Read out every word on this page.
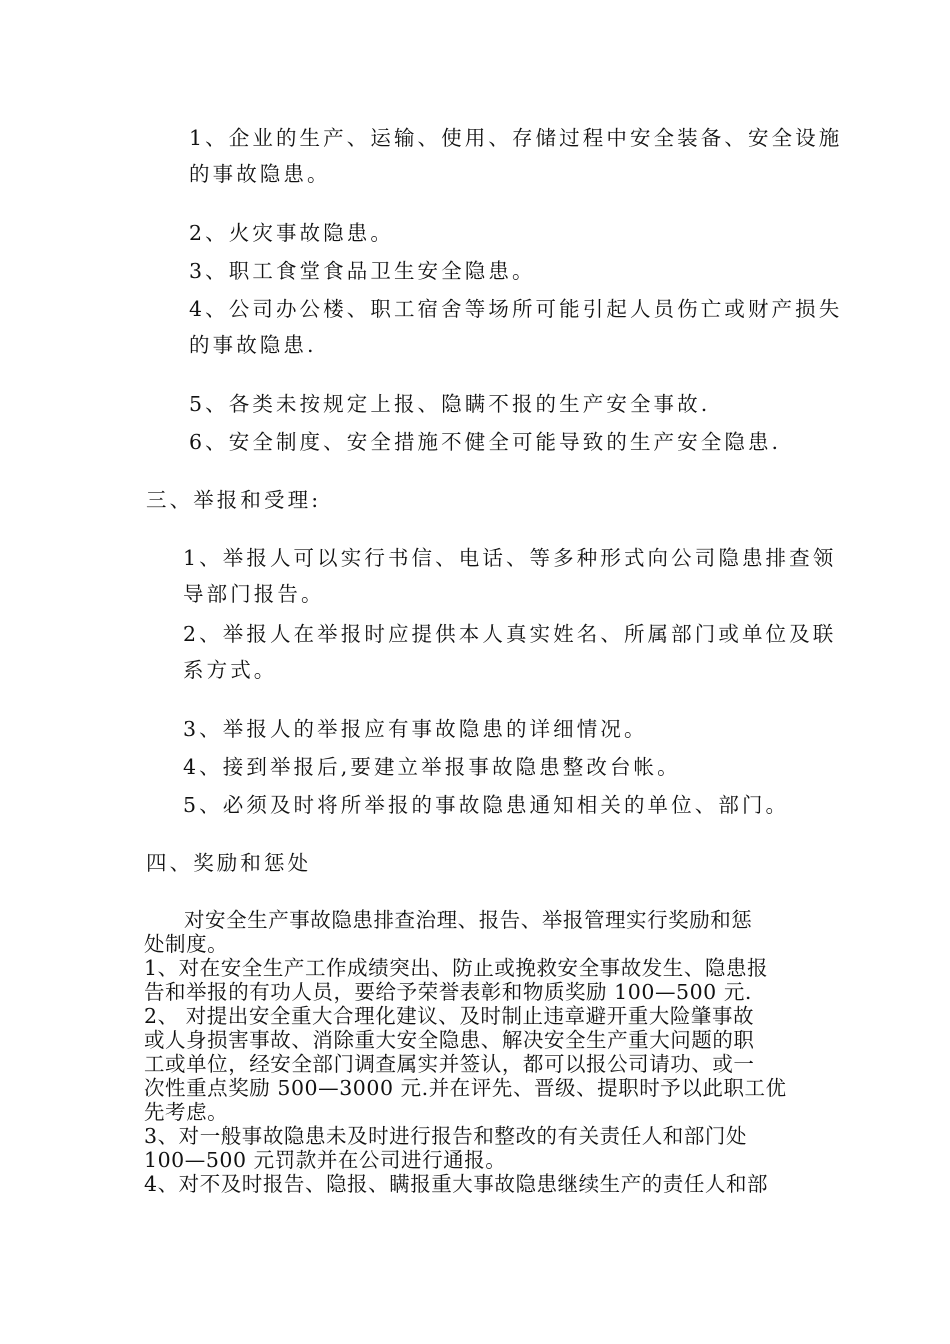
1、企业的生产、运输、使用、存储过程中安全装备、安全设施

的事故隐患。

2、火灾事故隐患。

3、职工食堂食品卫生安全隐患。

4、公司办公楼、职工宿舍等场所可能引起人员伤亡或财产损失

的事故隐患.

5、各类未按规定上报、隐瞒不报的生产安全事故.

6、安全制度、安全措施不健全可能导致的生产安全隐患.

三、举报和受理:

1、举报人可以实行书信、电话、等多种形式向公司隐患排查领

导部门报告。

2、举报人在举报时应提供本人真实姓名、所属部门或单位及联

系方式。

3、举报人的举报应有事故隐患的详细情况。

4、接到举报后,要建立举报事故隐患整改台帐。

5、必须及时将所举报的事故隐患通知相关的单位、部门。

四、奖励和惩处

对安全生产事故隐患排查治理、报告、举报管理实行奖励和惩

处制度。

1、对在安全生产工作成绩突出、防止或挽救安全事故发生、隐患报

告和举报的有功人员，要给予荣誉表彰和物质奖励 100—500 元.

2、 对提出安全重大合理化建议、及时制止违章避开重大险肇事故

或人身损害事故、消除重大安全隐患、解决安全生产重大问题的职

工或单位，经安全部门调查属实并签认，都可以报公司请功、或一

次性重点奖励 500—3000 元.并在评先、晋级、提职时予以此职工优

先考虑。

3、对一般事故隐患未及时进行报告和整改的有关责任人和部门处

100—500 元罚款并在公司进行通报。

4、对不及时报告、隐报、瞒报重大事故隐患继续生产的责任人和部
